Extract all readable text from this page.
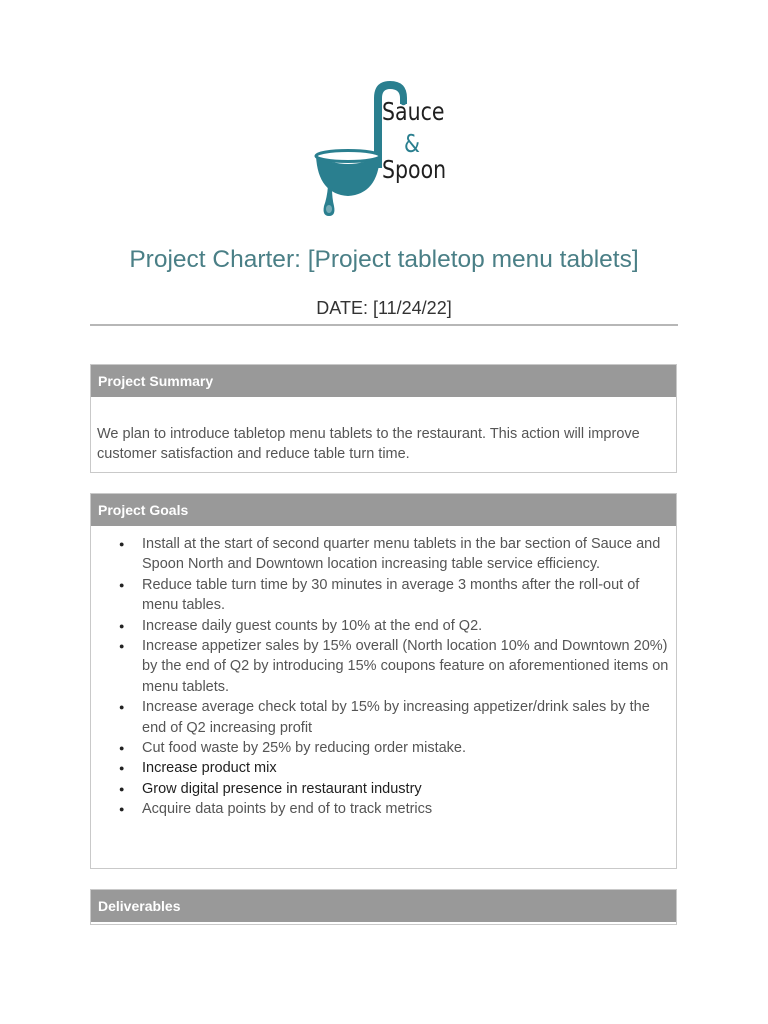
Sauce
&
Spoon
Project Charter: [Project tabletop menu tablets]
DATE: [11/24/22]
Project Summary
We plan to introduce tabletop menu tablets to the restaurant. This action will improve customer satisfaction and reduce table turn time.
Project Goals
● Install at the start of second quarter menu tablets in the bar section of Sauce and Spoon North and Downtown location increasing table service efficiency.
● Reduce table turn time by 30 minutes in average 3 months after the roll-out of menu tables.
● Increase daily guest counts by 10% at the end of Q2.
● Increase appetizer sales by 15% overall (North location 10% and Downtown 20%) by the end of Q2 by introducing 15% coupons feature on aforementioned items on menu tablets.
● Increase average check total by 15% by increasing appetizer/drink sales by the end of Q2 increasing profit
● Cut food waste by 25% by reducing order mistake.
● Increase product mix
● Grow digital presence in restaurant industry
● Acquire data points by end of to track metrics
Deliverables
